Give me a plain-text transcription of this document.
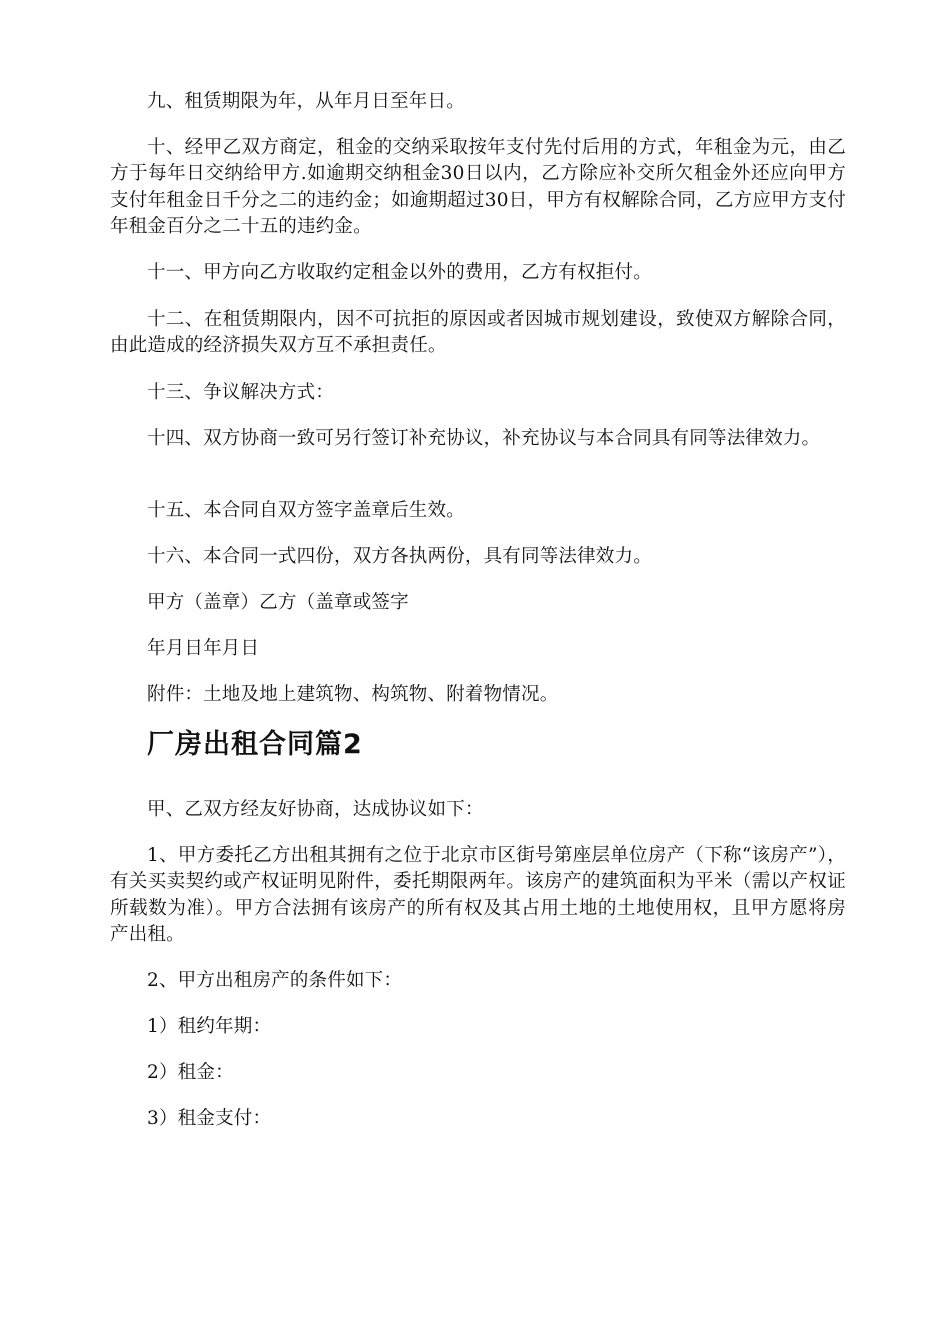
九、租赁期限为年，从年月日至年日。

十、经甲乙双方商定，租金的交纳采取按年支付先付后用的方式，年租金为元，由乙方于每年日交纳给甲方.如逾期交纳租金30日以内，乙方除应补交所欠租金外还应向甲方支付年租金日千分之二的违约金；如逾期超过30日，甲方有权解除合同，乙方应甲方支付年租金百分之二十五的违约金。

十一、甲方向乙方收取约定租金以外的费用，乙方有权拒付。

十二、在租赁期限内，因不可抗拒的原因或者因城市规划建设，致使双方解除合同，由此造成的经济损失双方互不承担责任。

十三、争议解决方式：

十四、双方协商一致可另行签订补充协议，补充协议与本合同具有同等法律效力。

十五、本合同自双方签字盖章后生效。

十六、本合同一式四份，双方各执两份，具有同等法律效力。

甲方（盖章）乙方（盖章或签字

年月日年月日

附件：土地及地上建筑物、构筑物、附着物情况。

厂房出租合同篇2

甲、乙双方经友好协商，达成协议如下：

1、甲方委托乙方出租其拥有之位于北京市区街号第座层单位房产（下称“该房产”），有关买卖契约或产权证明见附件，委托期限两年。该房产的建筑面积为平米（需以产权证所载数为准）。甲方合法拥有该房产的所有权及其占用土地的土地使用权，且甲方愿将房产出租。

2、甲方出租房产的条件如下：

1）租约年期：

2）租金：

3）租金支付：
